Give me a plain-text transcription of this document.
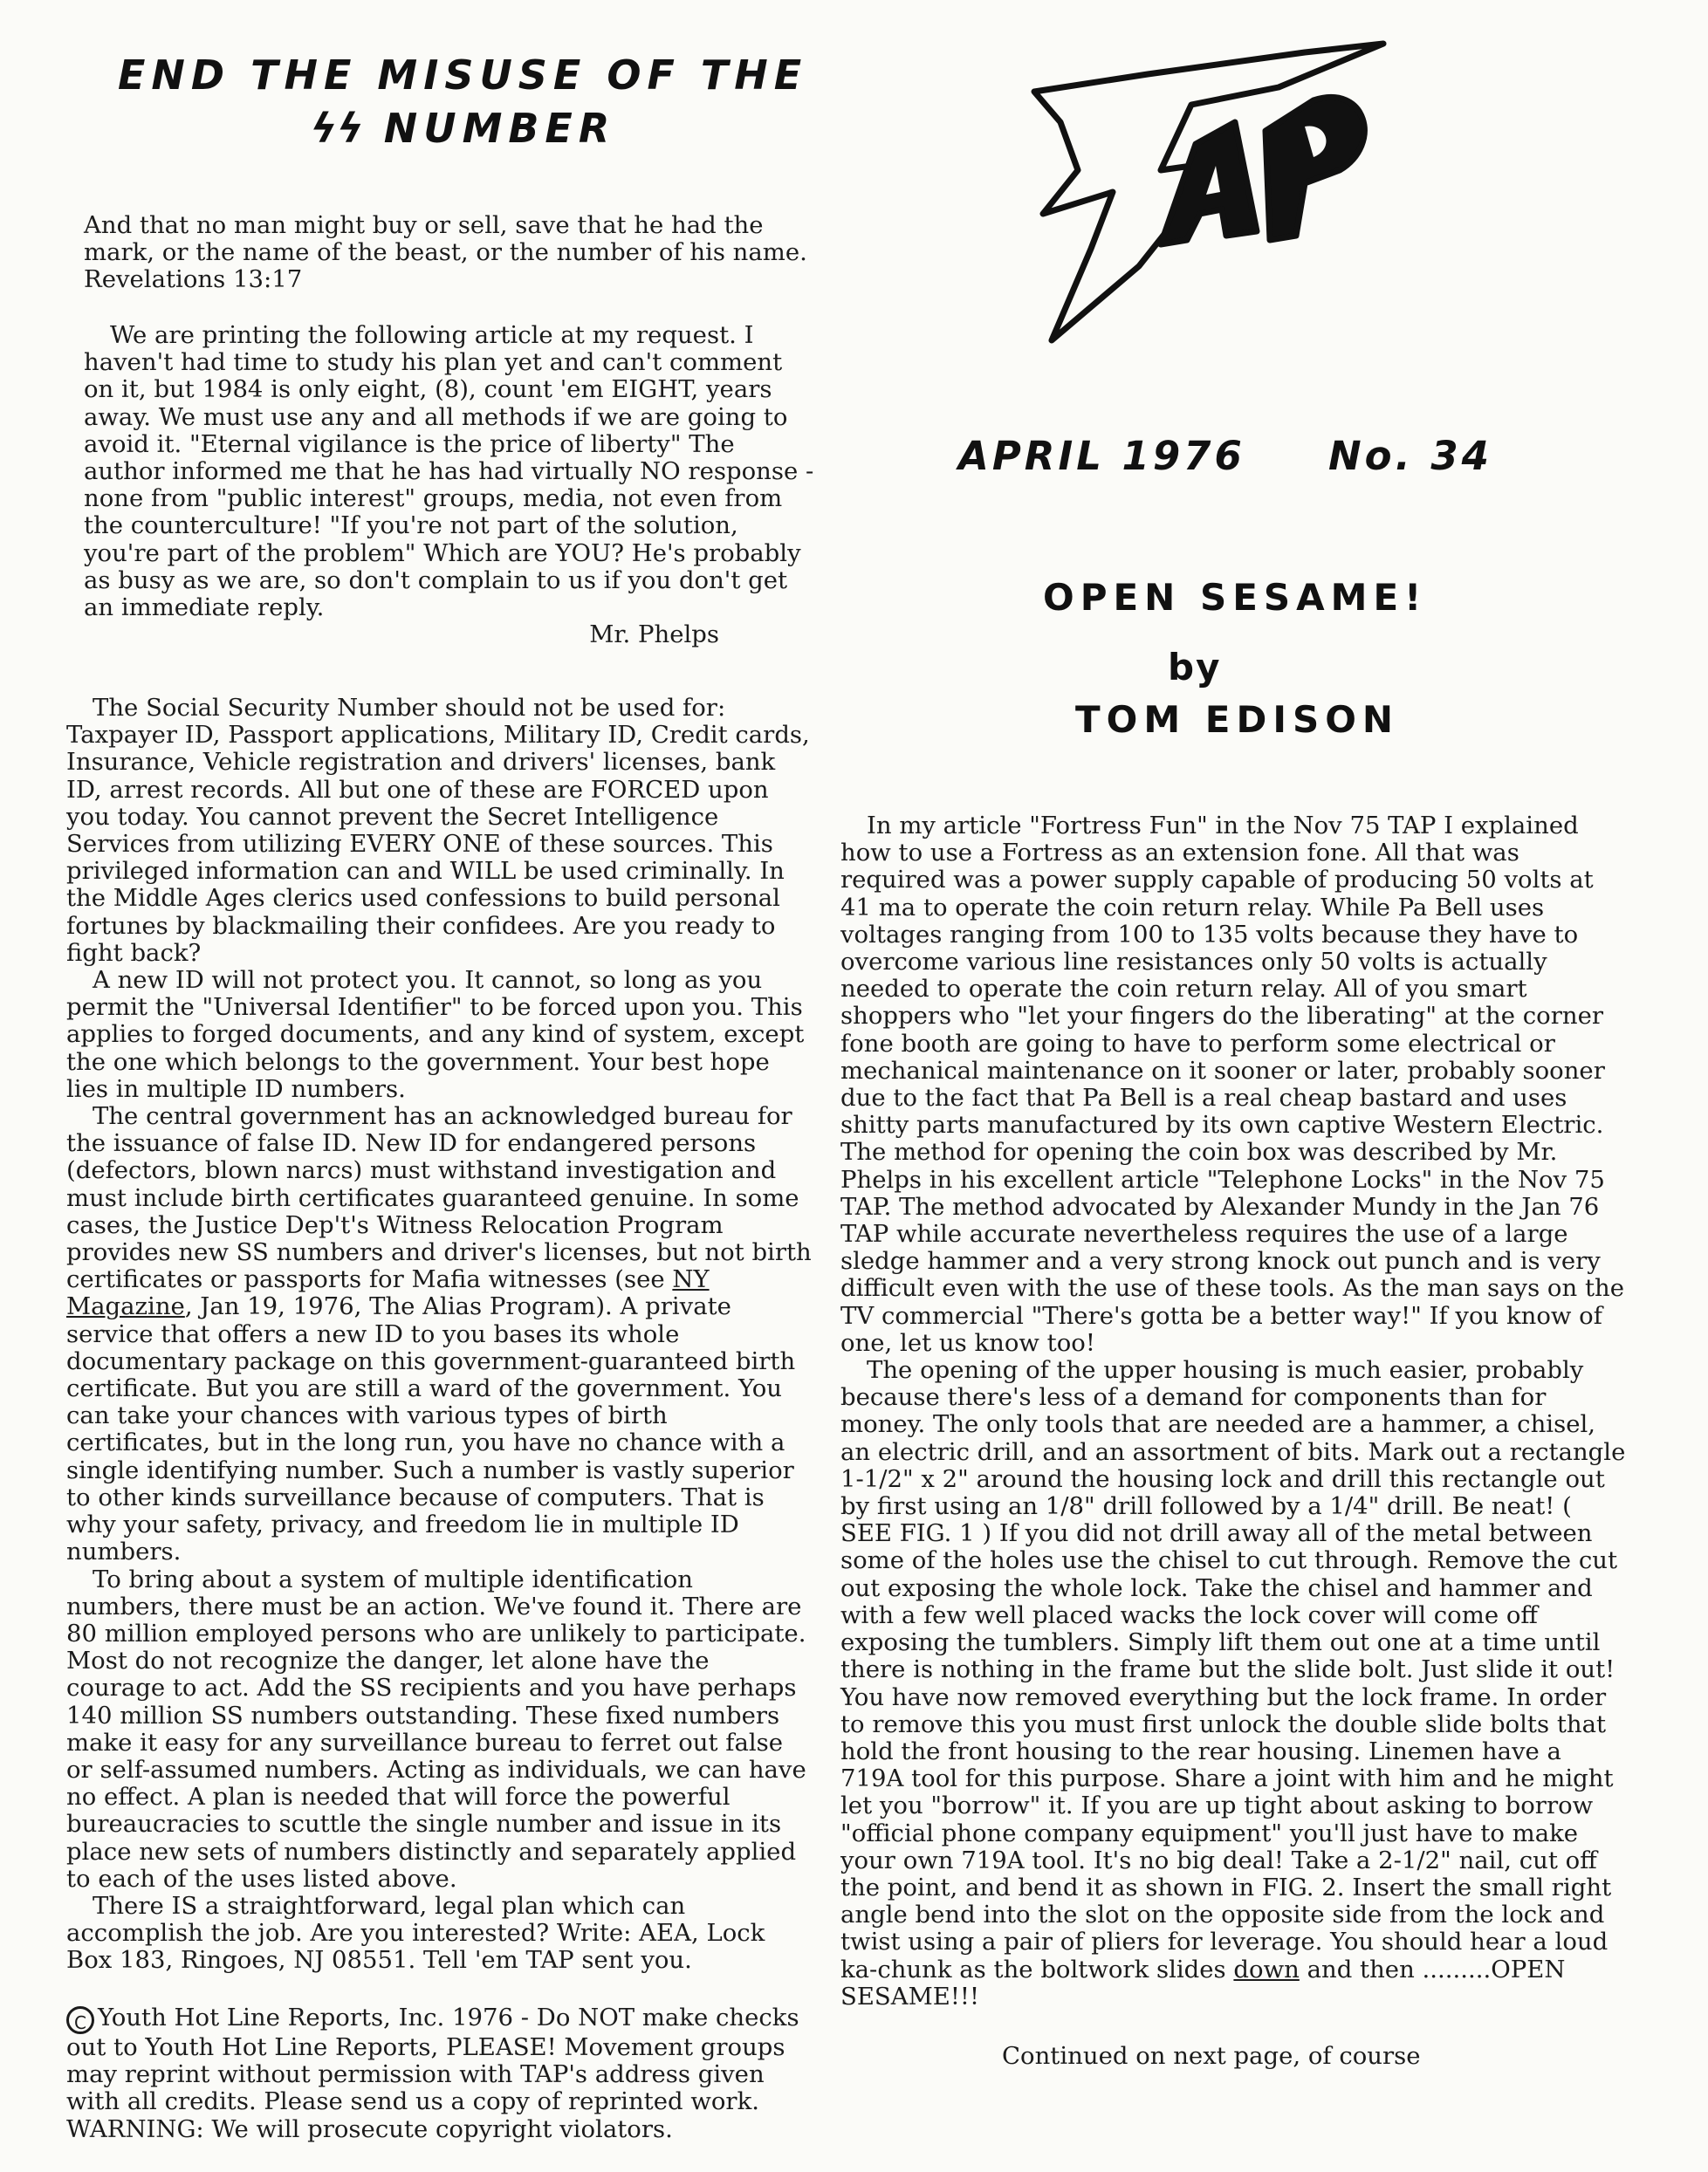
END THE MISUSE OF THE
ϟϟ NUMBER

And that no man might buy or sell, save that he had the mark, or the name of the beast, or the number of his name. Revelations 13:17

We are printing the following article at my request. I haven't had time to study his plan yet and can't comment on it, but 1984 is only eight, (8), count 'em EIGHT, years away. We must use any and all methods if we are going to avoid it. "Eternal vigilance is the price of liberty" The author informed me that he has had virtually NO response - none from "public interest" groups, media, not even from the counterculture! "If you're not part of the solution, you're part of the problem" Which are YOU? He's probably as busy as we are, so don't complain to us if you don't get an immediate reply.

Mr. Phelps

The Social Security Number should not be used for: Taxpayer ID, Passport applications, Military ID, Credit cards, Insurance, Vehicle registration and drivers' licenses, bank ID, arrest records. All but one of these are FORCED upon you today. You cannot prevent the Secret Intelligence Services from utilizing EVERY ONE of these sources. This privileged information can and WILL be used criminally. In the Middle Ages clerics used confessions to build personal fortunes by blackmailing their confidees. Are you ready to fight back?

A new ID will not protect you. It cannot, so long as you permit the "Universal Identifier" to be forced upon you. This applies to forged documents, and any kind of system, except the one which belongs to the government. Your best hope lies in multiple ID numbers.

The central government has an acknowledged bureau for the issuance of false ID. New ID for endangered persons (defectors, blown narcs) must withstand investigation and must include birth certificates guaranteed genuine. In some cases, the Justice Dep't's Witness Relocation Program provides new SS numbers and driver's licenses, but not birth certificates or passports for Mafia witnesses (see NY Magazine, Jan 19, 1976, The Alias Program). A private service that offers a new ID to you bases its whole documentary package on this government-guaranteed birth certificate. But you are still a ward of the government. You can take your chances with various types of birth certificates, but in the long run, you have no chance with a single identifying number. Such a number is vastly superior to other kinds surveillance because of computers. That is why your safety, privacy, and freedom lie in multiple ID numbers.

To bring about a system of multiple identification numbers, there must be an action. We've found it. There are 80 million employed persons who are unlikely to participate. Most do not recognize the danger, let alone have the courage to act. Add the SS recipients and you have perhaps 140 million SS numbers outstanding. These fixed numbers make it easy for any surveillance bureau to ferret out false or self-assumed numbers. Acting as individuals, we can have no effect. A plan is needed that will force the powerful bureaucracies to scuttle the single number and issue in its place new sets of numbers distinctly and separately applied to each of the uses listed above.

There IS a straightforward, legal plan which can accomplish the job. Are you interested? Write: AEA, Lock Box 183, Ringoes, NJ 08551. Tell 'em TAP sent you.

C Youth Hot Line Reports, Inc. 1976 - Do NOT make checks out to Youth Hot Line Reports, PLEASE! Movement groups may reprint without permission with TAP's address given with all credits. Please send us a copy of reprinted work. WARNING: We will prosecute copyright violators.

APRIL 1976 No. 34
OPEN SESAME!
by
TOM EDISON

In my article "Fortress Fun" in the Nov 75 TAP I explained how to use a Fortress as an extension fone. All that was required was a power supply capable of producing 50 volts at 41 ma to operate the coin return relay. While Pa Bell uses voltages ranging from 100 to 135 volts because they have to overcome various line resistances only 50 volts is actually needed to operate the coin return relay. All of you smart shoppers who "let your fingers do the liberating" at the corner fone booth are going to have to perform some electrical or mechanical maintenance on it sooner or later, probably sooner due to the fact that Pa Bell is a real cheap bastard and uses shitty parts manufactured by its own captive Western Electric. The method for opening the coin box was described by Mr. Phelps in his excellent article "Telephone Locks" in the Nov 75 TAP. The method advocated by Alexander Mundy in the Jan 76 TAP while accurate nevertheless requires the use of a large sledge hammer and a very strong knock out punch and is very difficult even with the use of these tools. As the man says on the TV commercial "There's gotta be a better way!" If you know of one, let us know too!

The opening of the upper housing is much easier, probably because there's less of a demand for components than for money. The only tools that are needed are a hammer, a chisel, an electric drill, and an assortment of bits. Mark out a rectangle 1-1/2" x 2" around the housing lock and drill this rectangle out by first using an 1/8" drill followed by a 1/4" drill. Be neat! ( SEE FIG. 1 ) If you did not drill away all of the metal between some of the holes use the chisel to cut through. Remove the cut out exposing the whole lock. Take the chisel and hammer and with a few well placed wacks the lock cover will come off exposing the tumblers. Simply lift them out one at a time until there is nothing in the frame but the slide bolt. Just slide it out! You have now removed everything but the lock frame. In order to remove this you must first unlock the double slide bolts that hold the front housing to the rear housing. Linemen have a 719A tool for this purpose. Share a joint with him and he might let you "borrow" it. If you are up tight about asking to borrow "official phone company equipment" you'll just have to make your own 719A tool. It's no big deal! Take a 2-1/2" nail, cut off the point, and bend it as shown in FIG. 2. Insert the small right angle bend into the slot on the opposite side from the lock and twist using a pair of pliers for leverage. You should hear a loud ka-chunk as the boltwork slides down and then .........OPEN SESAME!!!

Continued on next page, of course
